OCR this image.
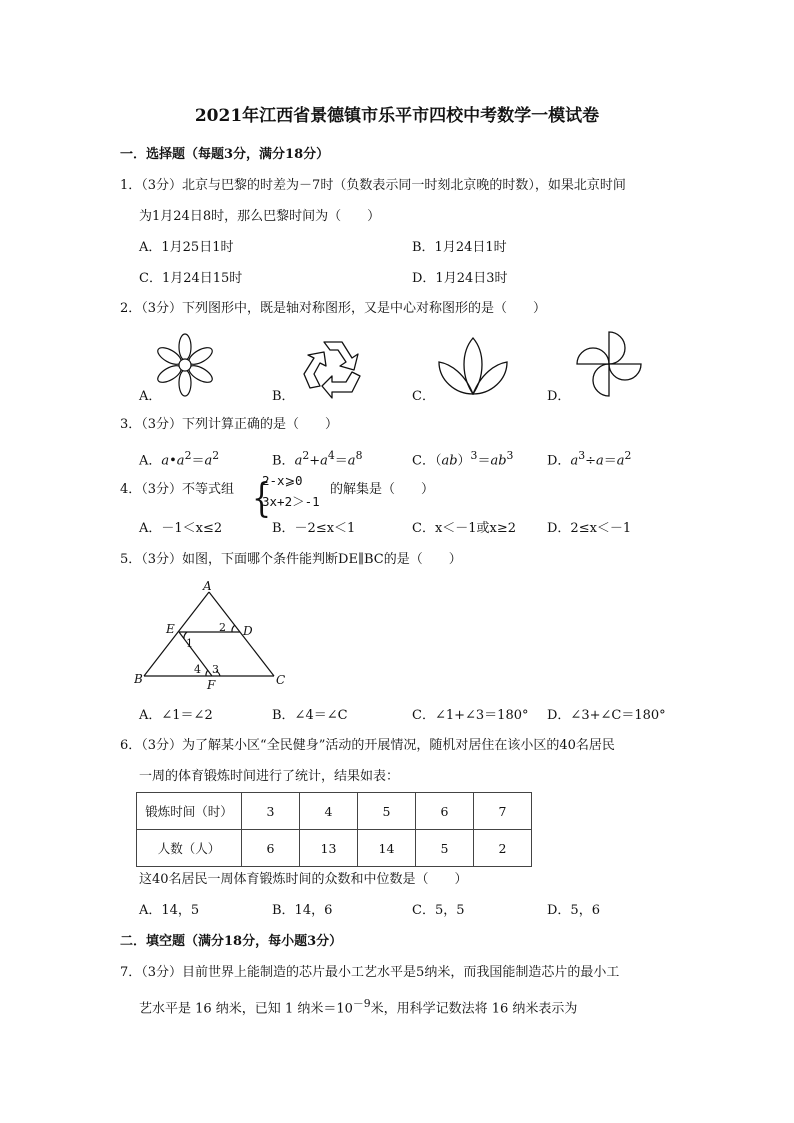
2021年江西省景德镇市乐平市四校中考数学一模试卷
一．选择题（每题3分，满分18分）
1．（3分）北京与巴黎的时差为－7时（负数表示同一时刻北京晚的时数），如果北京时间
为1月24日8时，那么巴黎时间为（　　）
A．1月25日1时	B．1月24日1时
C．1月24日15时	D．1月24日3时
2．（3分）下列图形中，既是轴对称图形，又是中心对称图形的是（　　）
A．	B．	C．	D．
3．（3分）下列计算正确的是（　　）
A．$a•a^2=a^2$	B．$a^2+a^4=a^8$	C．$(ab)^3=ab^3$	D．$a^3\div a=a^2$
4．（3分）不等式组 {
2-x⩾0
3x+2＞-1
的解集是（　　）
A．－1＜x≤2	B．－2≤x＜1	C．x＜－1或x≥2 D．2≤x＜－1
5．（3分）如图，下面哪个条件能判断DE∥BC的是（　　）
A
B	C
D
E
F
1
2
3
4
A．∠1＝∠2	B．∠4＝∠C	C．∠1+∠3＝180° D．∠3+∠C＝180°
6．（3分）为了解某小区“全民健身”活动的开展情况，随机对居住在该小区的40名居民
一周的体育锻炼时间进行了统计，结果如表：
锻炼时间（时）	3	4	5	6	7
人数（人）	6	13	14	5	2
这40名居民一周体育锻炼时间的众数和中位数是（　　）
A．14，5	B．14，6	C．5，5	D．5，6
二．填空题（满分18分，每小题3分）
7．（3分）目前世界上能制造的芯片最小工艺水平是5纳米，而我国能制造芯片的最小工
艺水平是 16 纳米，已知 1 纳米$=10^{-9}$米，用科学记数法将 16 纳米表示为
